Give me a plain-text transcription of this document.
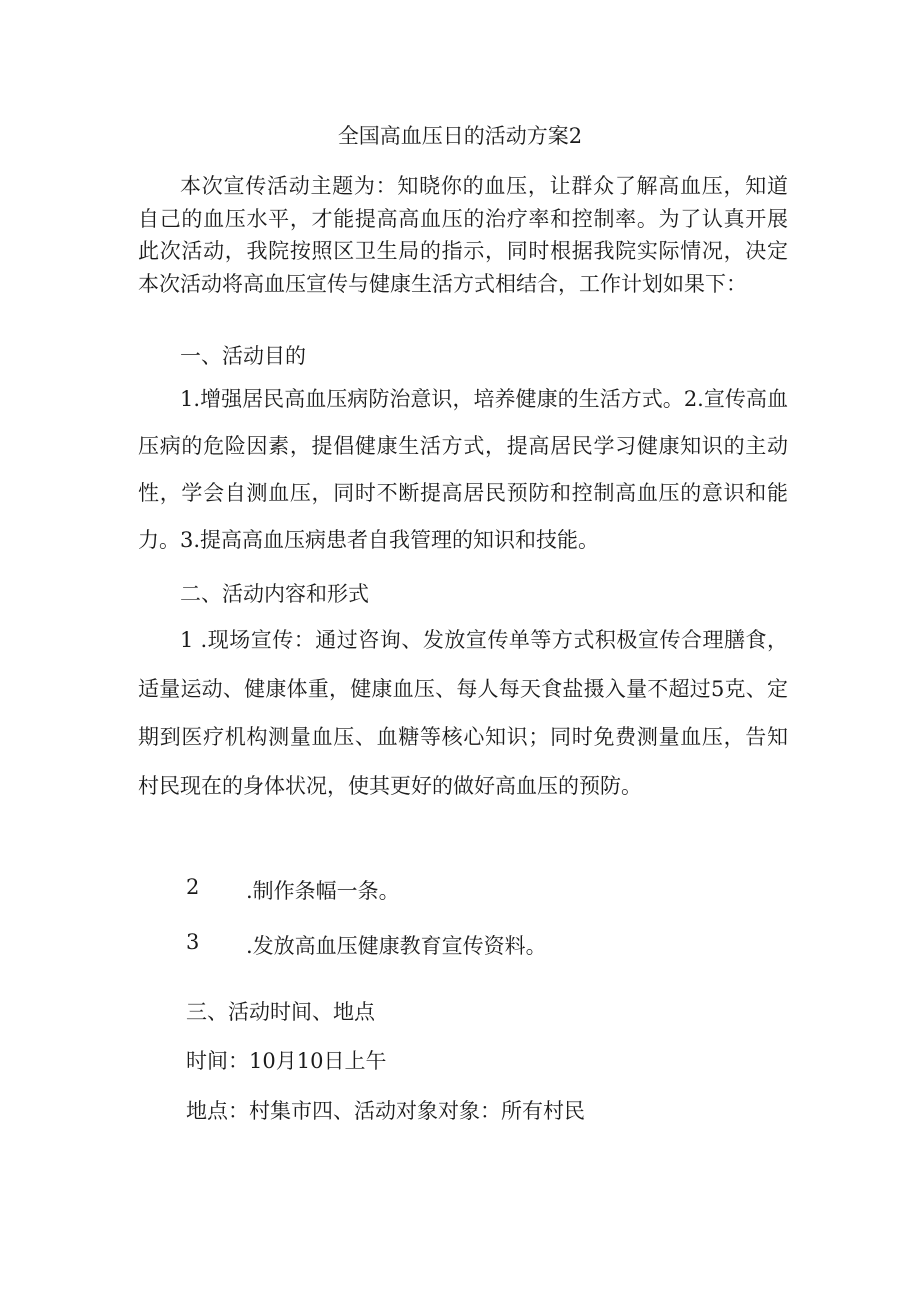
全国高血压日的活动方案2
本次宣传活动主题为：知晓你的血压，让群众了解高血压，知道自己的血压水平，才能提高高血压的治疗率和控制率。为了认真开展此次活动，我院按照区卫生局的指示，同时根据我院实际情况，决定本次活动将高血压宣传与健康生活方式相结合，工作计划如果下：
一、活动目的
1.增强居民高血压病防治意识，培养健康的生活方式。2.宣传高血压病的危险因素，提倡健康生活方式，提高居民学习健康知识的主动性，学会自测血压，同时不断提高居民预防和控制高血压的意识和能力。3.提高高血压病患者自我管理的知识和技能。
二、活动内容和形式
1 .现场宣传：通过咨询、发放宣传单等方式积极宣传合理膳食，适量运动、健康体重，健康血压、每人每天食盐摄入量不超过5克、定期到医疗机构测量血压、血糖等核心知识；同时免费测量血压，告知村民现在的身体状况，使其更好的做好高血压的预防。
2 .制作条幅一条。
3 .发放高血压健康教育宣传资料。
三、活动时间、地点
时间：10月10日上午
地点：村集市四、活动对象对象：所有村民
